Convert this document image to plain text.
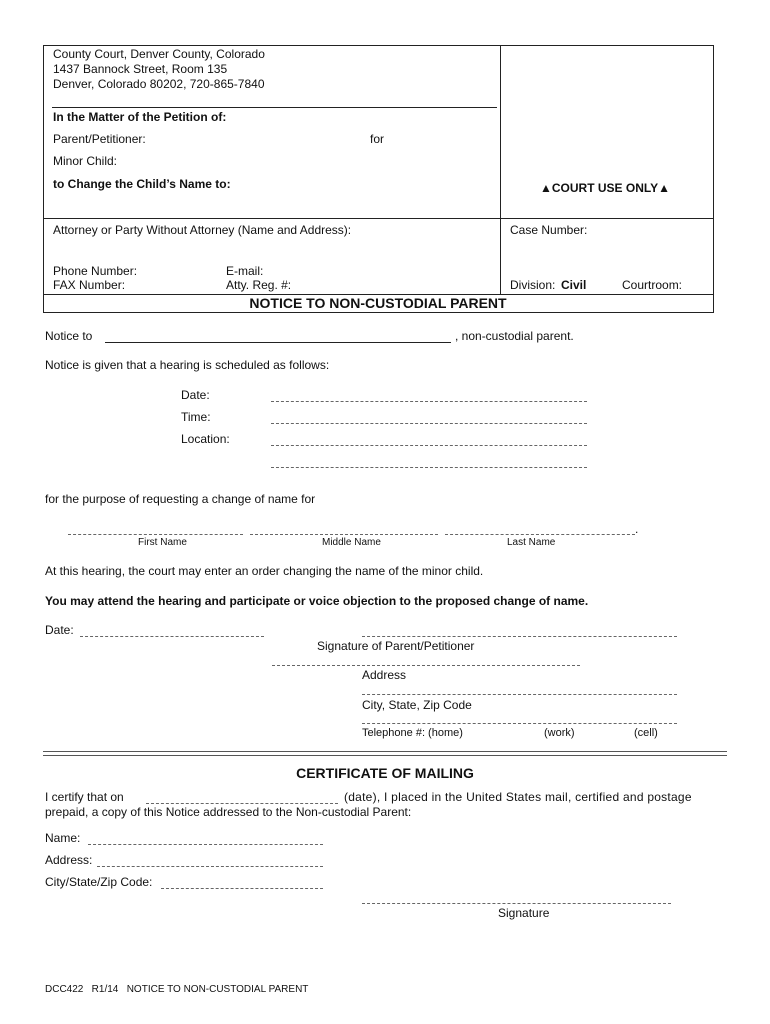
County Court, Denver County, Colorado
1437 Bannock Street, Room 135
Denver, Colorado 80202, 720-865-7840
In the Matter of the Petition of:
Parent/Petitioner:	for
Minor Child:
to Change the Child’s Name to:	▲COURT USE ONLY▲
Attorney or Party Without Attorney (Name and Address):	Case Number:
Phone Number:	E-mail:
FAX Number:	Atty. Reg. #:	Division: Civil	Courtroom:
NOTICE TO NON-CUSTODIAL PARENT
Notice to	, non-custodial parent.
Notice is given that a hearing is scheduled as follows:
Date:
Time:
Location:
for the purpose of requesting a change of name for
.
First Name	Middle Name	Last Name
At this hearing, the court may enter an order changing the name of the minor child.
You may attend the hearing and participate or voice objection to the proposed change of name.
Date:
Signature of Parent/Petitioner
Address
City, State, Zip Code
Telephone #: (home)	(work)	(cell)
CERTIFICATE OF MAILING
I certify that on	(date), I placed in the United States mail, certified and postage
prepaid, a copy of this Notice addressed to the Non-custodial Parent:
Name:
Address:
City/State/Zip Code:
Signature
DCC422   R1/14   NOTICE TO NON-CUSTODIAL PARENT
